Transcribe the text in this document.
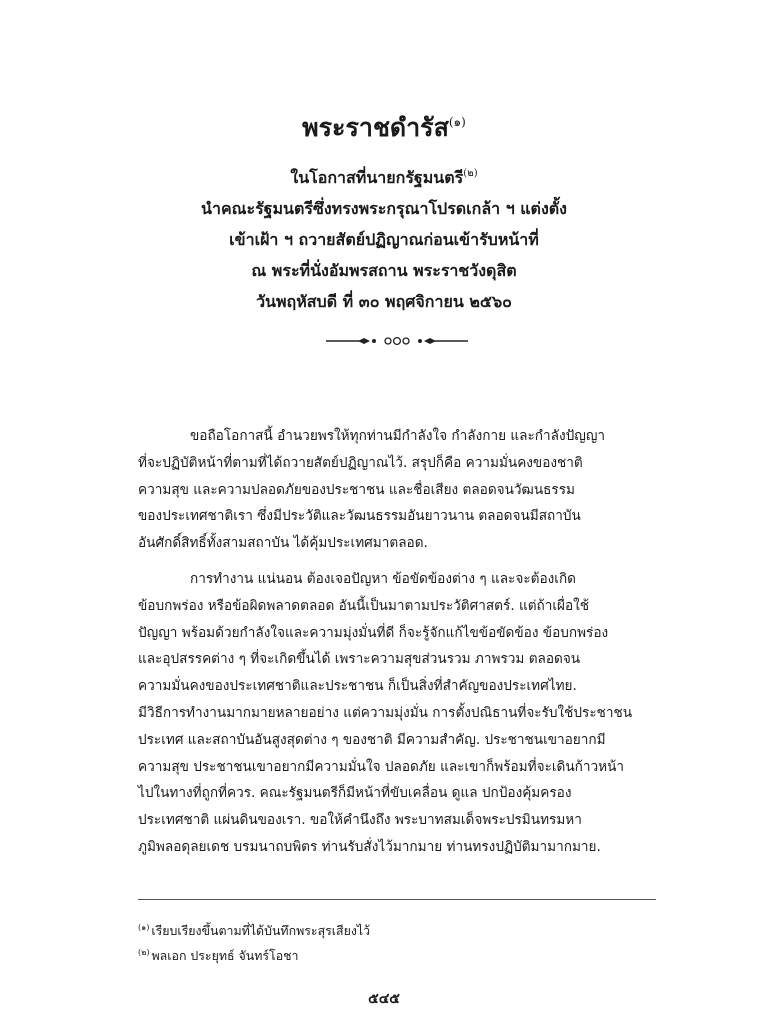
พระราชดำรัส$^{(๑)}$
ในโอกาสที่นายกรัฐมนตรี$^{(๒)}$
นำคณะรัฐมนตรีซึ่งทรงพระกรุณาโปรดเกล้า ฯ แต่งตั้ง
เข้าเฝ้า ฯ ถวายสัตย์ปฏิญาณก่อนเข้ารับหน้าที่
ณ พระที่นั่งอัมพรสถาน พระราชวังดุสิต
วันพฤหัสบดี ที่ ๓๐ พฤศจิกายน ๒๕๖๐
ขอถือโอกาสนี้ อำนวยพรให้ทุกท่านมีกำลังใจ กำลังกาย และกำลังปัญญา
ที่จะปฏิบัติหน้าที่ตามที่ได้ถวายสัตย์ปฏิญาณไว้. สรุปก็คือ ความมั่นคงของชาติ
ความสุข และความปลอดภัยของประชาชน และชื่อเสียง ตลอดจนวัฒนธรรม
ของประเทศชาติเรา ซึ่งมีประวัติและวัฒนธรรมอันยาวนาน ตลอดจนมีสถาบัน
อันศักดิ์สิทธิ์ทั้งสามสถาบัน ได้คุ้มประเทศมาตลอด.
การทำงาน แน่นอน ต้องเจอปัญหา ข้อขัดข้องต่าง ๆ และจะต้องเกิด
ข้อบกพร่อง หรือข้อผิดพลาดตลอด อันนี้เป็นมาตามประวัติศาสตร์. แต่ถ้าเผื่อใช้
ปัญญา พร้อมด้วยกำลังใจและความมุ่งมั่นที่ดี ก็จะรู้จักแก้ไขข้อขัดข้อง ข้อบกพร่อง
และอุปสรรคต่าง ๆ ที่จะเกิดขึ้นได้ เพราะความสุขส่วนรวม ภาพรวม ตลอดจน
ความมั่นคงของประเทศชาติและประชาชน ก็เป็นสิ่งที่สำคัญของประเทศไทย.
มีวิธีการทำงานมากมายหลายอย่าง แต่ความมุ่งมั่น การตั้งปณิธานที่จะรับใช้ประชาชน
ประเทศ และสถาบันอันสูงสุดต่าง ๆ ของชาติ มีความสำคัญ. ประชาชนเขาอยากมี
ความสุข ประชาชนเขาอยากมีความมั่นใจ ปลอดภัย และเขาก็พร้อมที่จะเดินก้าวหน้า
ไปในทางที่ถูกที่ควร. คณะรัฐมนตรีก็มีหน้าที่ขับเคลื่อน ดูแล ปกป้องคุ้มครอง
ประเทศชาติ แผ่นดินของเรา. ขอให้คำนึงถึง พระบาทสมเด็จพระปรมินทรมหา
ภูมิพลอดุลยเดช บรมนาถบพิตร ท่านรับสั่งไว้มากมาย ท่านทรงปฏิบัติมามากมาย.
$^{(๑)}$ เรียบเรียงขึ้นตามที่ได้บันทึกพระสุรเสียงไว้
$^{(๒)}$ พลเอก ประยุทธ์ จันทร์โอชา
๕๔๕
